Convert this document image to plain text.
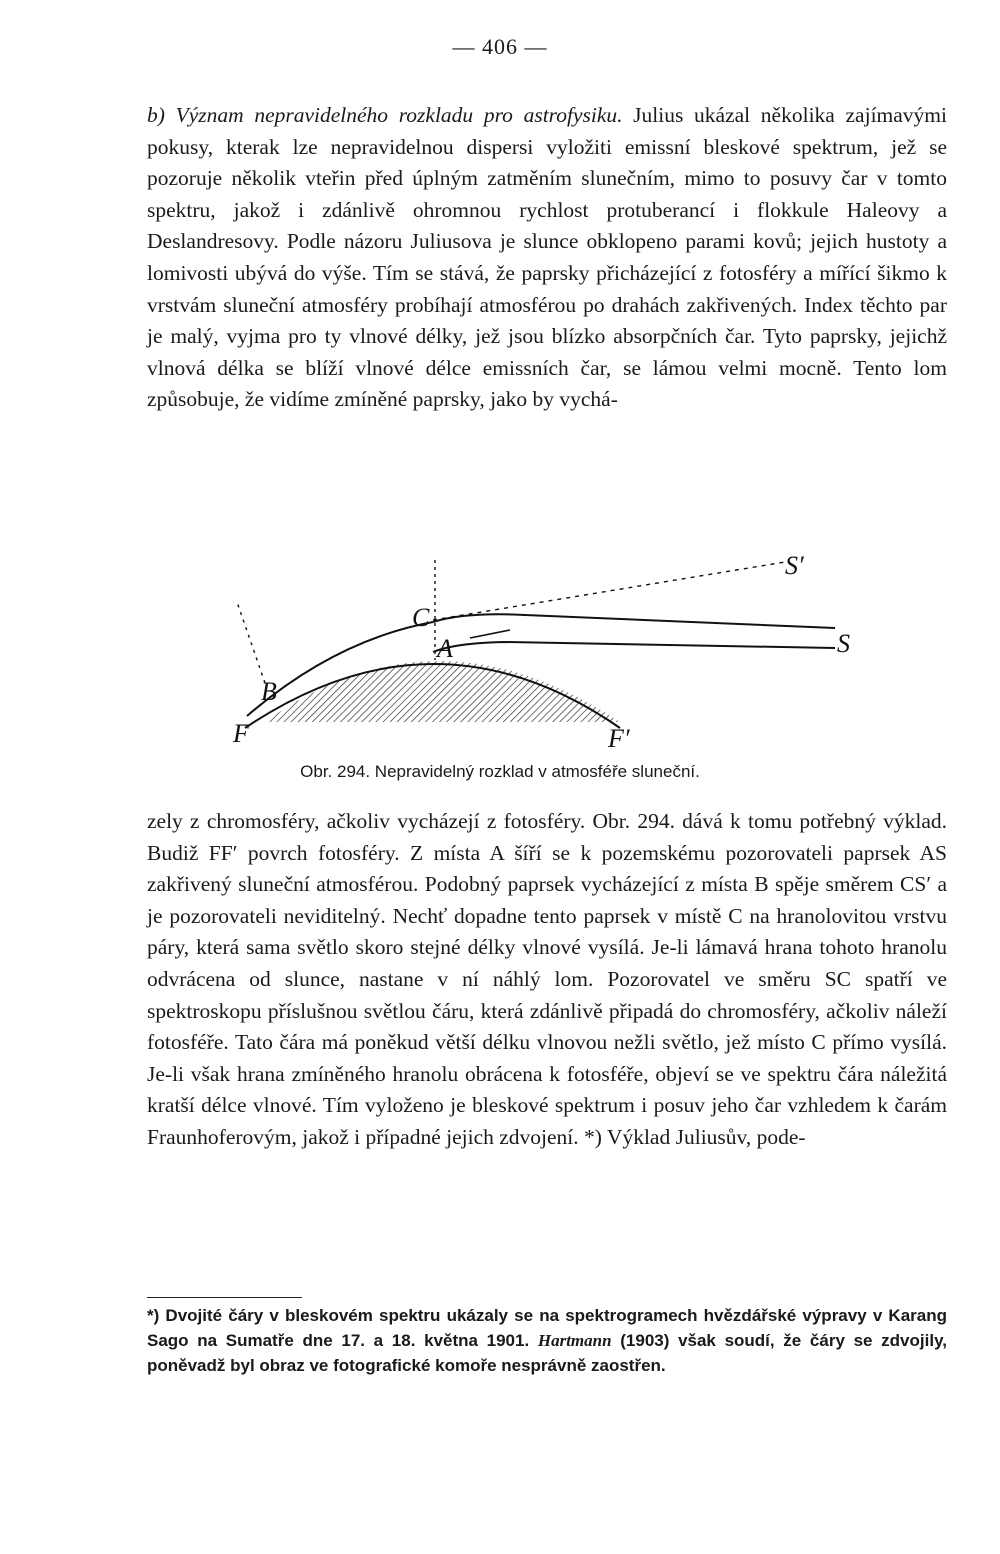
— 406 —

b) Význam nepravidelného rozkladu pro astrofysiku. Julius ukázal několika zajímavými pokusy, kterak lze nepravidelnou dispersi vyložiti emissní bleskové spektrum, jež se pozoruje několik vteřin před úplným zatměním slunečním, mimo to posuvy čar v tomto spektru, jakož i zdánlivě ohromnou rychlost protuberancí i flokkule Haleovy a Deslandresovy. Podle názoru Juliusova je slunce obklopeno parami kovů; jejich hustoty a lomivosti ubývá do výše. Tím se stává, že paprsky přicházející z fotosféry a mířící šikmo k vrstvám sluneční atmosféry probíhají atmosférou po drahách zakřivených. Index těchto par je malý, vyjma pro ty vlnové délky, jež jsou blízko absorpčních čar. Tyto paprsky, jejichž vlnová délka se blíží vlnové délce emissních čar, se lámou velmi mocně. Tento lom způsobuje, že vidíme zmíněné paprsky, jako by vychá-

S′
C
A	S
B
F	F′
Obr. 294. Nepravidelný rozklad v atmosféře sluneční.

zely z chromosféry, ačkoliv vycházejí z fotosféry. Obr. 294. dává k tomu potřebný výklad. Budiž FF′ povrch fotosféry. Z místa A šíří se k pozemskému pozorovateli paprsek AS zakřivený sluneční atmosférou. Podobný paprsek vycházející z místa B spěje směrem CS′ a je pozorovateli neviditelný. Nechť dopadne tento paprsek v místě C na hranolovitou vrstvu páry, která sama světlo skoro stejné délky vlnové vysílá. Je-li lámavá hrana tohoto hranolu odvrácena od slunce, nastane v ní náhlý lom. Pozorovatel ve směru SC spatří ve spektroskopu příslušnou světlou čáru, která zdánlivě připadá do chromosféry, ačkoliv náleží fotosféře. Tato čára má poněkud větší délku vlnovou nežli světlo, jež místo C přímo vysílá. Je-li však hrana zmíněného hranolu obrácena k fotosféře, objeví se ve spektru čára náležitá kratší délce vlnové. Tím vyloženo je bleskové spektrum i posuv jeho čar vzhledem k čarám Fraunhoferovým, jakož i případné jejich zdvojení. *) Výklad Juliusův, pode-

*) Dvojité čáry v bleskovém spektru ukázaly se na spektrogramech hvězdářské výpravy v Karang Sago na Sumatře dne 17. a 18. května 1901. Hartmann (1903) však soudí, že čáry se zdvojily, poněvadž byl obraz ve fotografické komoře nesprávně zaostřen.
